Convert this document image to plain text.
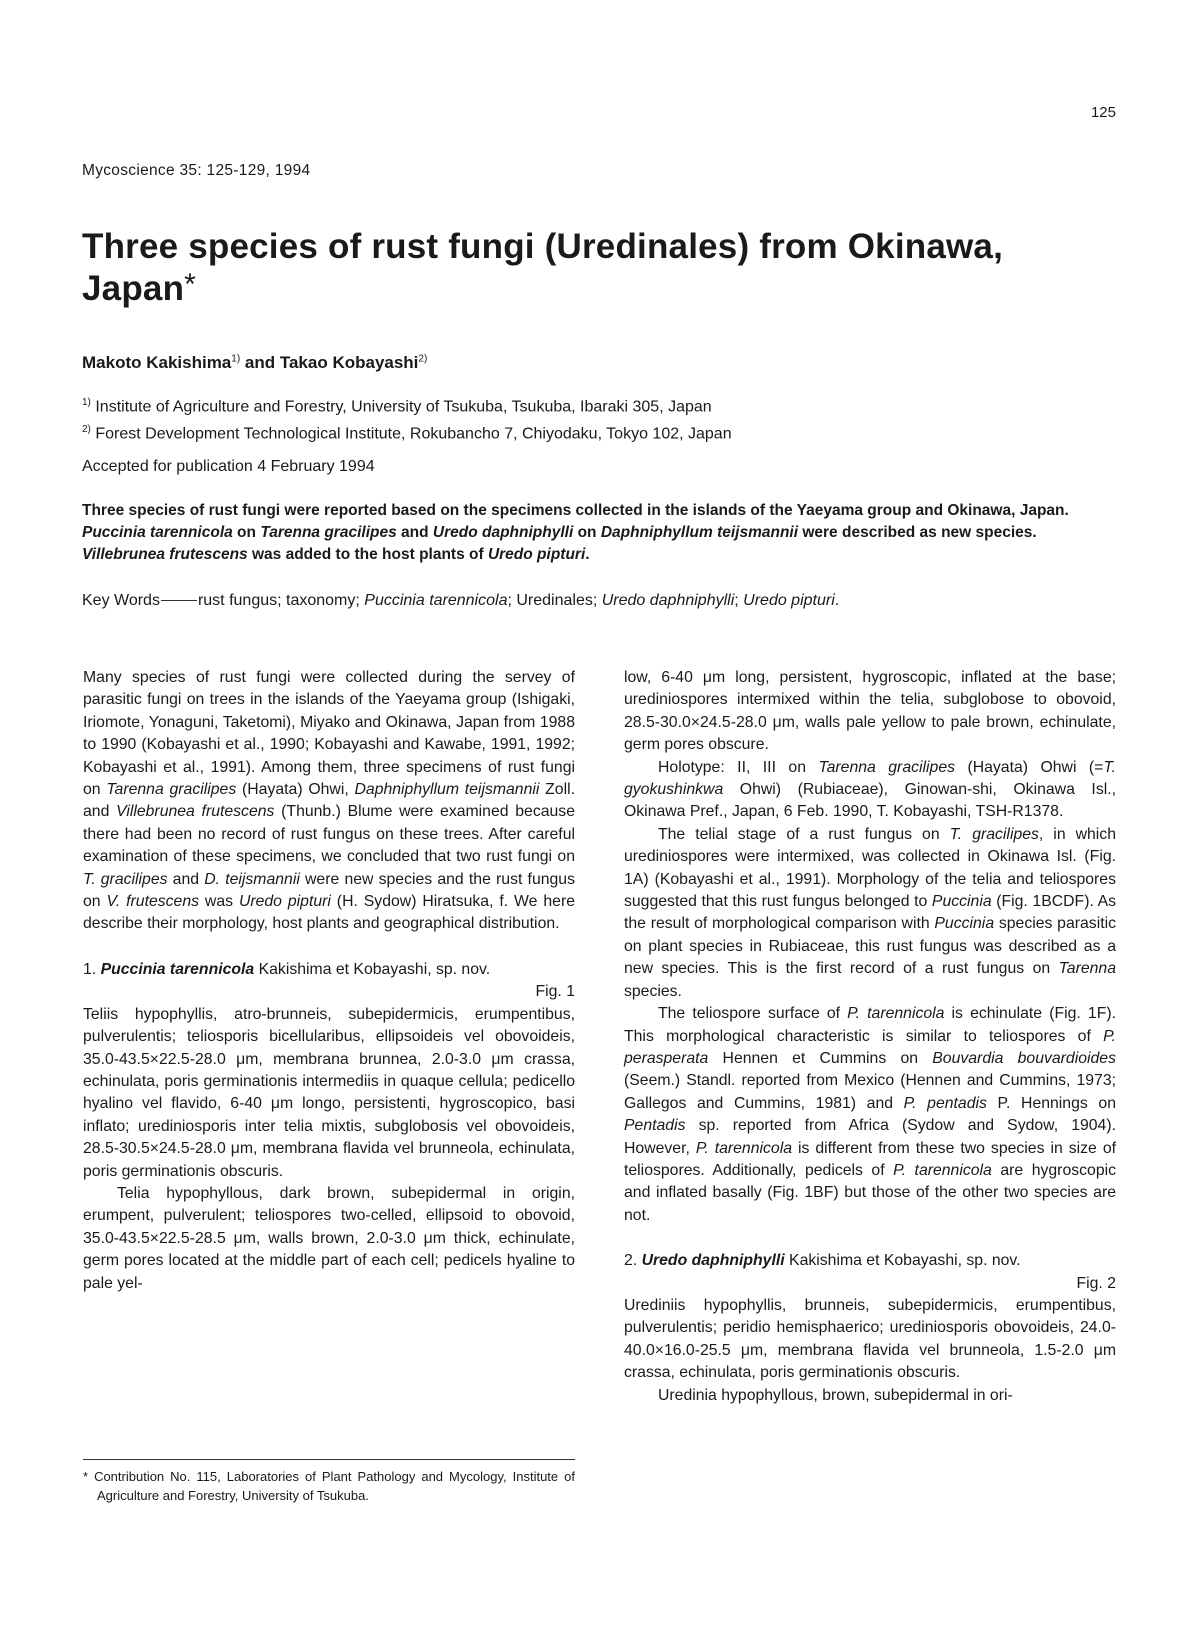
125
Mycoscience 35: 125-129, 1994
Three species of rust fungi (Uredinales) from Okinawa, Japan*
Makoto Kakishima$^{1)}$ and Takao Kobayashi$^{2)}$
$^{1)}$ Institute of Agriculture and Forestry, University of Tsukuba, Tsukuba, Ibaraki 305, Japan
$^{2)}$ Forest Development Technological Institute, Rokubancho 7, Chiyodaku, Tokyo 102, Japan
Accepted for publication 4 February 1994

Three species of rust fungi were reported based on the specimens collected in the islands of the Yaeyama group and Okinawa, Japan. Puccinia tarennicola on Tarenna gracilipes and Uredo daphniphylli on Daphniphyllum teijsmannii were described as new species. Villebrunea frutescens was added to the host plants of Uredo pipturi.

Key Words rust fungus; taxonomy; Puccinia tarennicola; Uredinales; Uredo daphniphylli; Uredo pipturi.

Many species of rust fungi were collected during the servey of parasitic fungi on trees in the islands of the Yaeyama group (Ishigaki, Iriomote, Yonaguni, Taketomi), Miyako and Okinawa, Japan from 1988 to 1990 (Kobayashi et al., 1990; Kobayashi and Kawabe, 1991, 1992; Kobayashi et al., 1991). Among them, three specimens of rust fungi on Tarenna gracilipes (Hayata) Ohwi, Daphniphyllum teijsmannii Zoll. and Villebrunea frutescens (Thunb.) Blume were examined because there had been no record of rust fungus on these trees. After careful examination of these specimens, we concluded that two rust fungi on T. gracilipes and D. teijsmannii were new species and the rust fungus on V. frutescens was Uredo pipturi (H. Sydow) Hiratsuka, f. We here describe their morphology, host plants and geographical distribution.

1. Puccinia tarennicola Kakishima et Kobayashi, sp. nov.

Fig. 1

Teliis hypophyllis, atro-brunneis, subepidermicis, erumpentibus, pulverulentis; teliosporis bicellularibus, ellipsoideis vel obovoideis, 35.0-43.5×22.5-28.0 μm, membrana brunnea, 2.0-3.0 μm crassa, echinulata, poris germinationis intermediis in quaque cellula; pedicello hyalino vel flavido, 6-40 μm longo, persistenti, hygroscopico, basi inflato; urediniosporis inter telia mixtis, subglobosis vel obovoideis, 28.5-30.5×24.5-28.0 μm, membrana flavida vel brunneola, echinulata, poris germinationis obscuris.

Telia hypophyllous, dark brown, subepidermal in origin, erumpent, pulverulent; teliospores two-celled, ellipsoid to obovoid, 35.0-43.5×22.5-28.5 μm, walls brown, 2.0-3.0 μm thick, echinulate, germ pores located at the middle part of each cell; pedicels hyaline to pale yel-

low, 6-40 μm long, persistent, hygroscopic, inflated at the base; urediniospores intermixed within the telia, subglobose to obovoid, 28.5-30.0×24.5-28.0 μm, walls pale yellow to pale brown, echinulate, germ pores obscure.

Holotype: II, III on Tarenna gracilipes (Hayata) Ohwi (=T. gyokushinkwa Ohwi) (Rubiaceae), Ginowan-shi, Okinawa Isl., Okinawa Pref., Japan, 6 Feb. 1990, T. Kobayashi, TSH-R1378.

The telial stage of a rust fungus on T. gracilipes, in which urediniospores were intermixed, was collected in Okinawa Isl. (Fig. 1A) (Kobayashi et al., 1991). Morphology of the telia and teliospores suggested that this rust fungus belonged to Puccinia (Fig. 1BCDF). As the result of morphological comparison with Puccinia species parasitic on plant species in Rubiaceae, this rust fungus was described as a new species. This is the first record of a rust fungus on Tarenna species.

The teliospore surface of P. tarennicola is echinulate (Fig. 1F). This morphological characteristic is similar to teliospores of P. perasperata Hennen et Cummins on Bouvardia bouvardioides (Seem.) Standl. reported from Mexico (Hennen and Cummins, 1973; Gallegos and Cummins, 1981) and P. pentadis P. Hennings on Pentadis sp. reported from Africa (Sydow and Sydow, 1904). However, P. tarennicola is different from these two species in size of teliospores. Additionally, pedicels of P. tarennicola are hygroscopic and inflated basally (Fig. 1BF) but those of the other two species are not.

2. Uredo daphniphylli Kakishima et Kobayashi, sp. nov.

Fig. 2

Urediniis hypophyllis, brunneis, subepidermicis, erumpentibus, pulverulentis; peridio hemisphaerico; urediniosporis obovoideis, 24.0-40.0×16.0-25.5 μm, membrana flavida vel brunneola, 1.5-2.0 μm crassa, echinulata, poris germinationis obscuris.

Uredinia hypophyllous, brown, subepidermal in ori-

* Contribution No. 115, Laboratories of Plant Pathology and Mycology, Institute of Agriculture and Forestry, University of Tsukuba.
